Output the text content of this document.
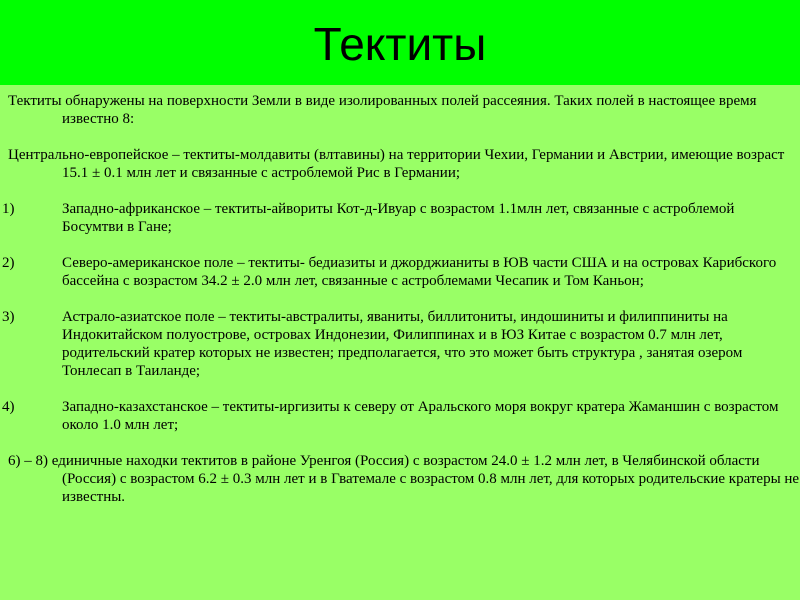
Тектиты

Тектиты обнаружены на поверхности Земли в виде изолированных полей рассеяния. Таких полей в настоящее время известно 8:

Центрально-европейское – тектиты-молдавиты (влтавины) на территории Чехии, Германии и Австрии, имеющие возраст 15.1 ± 0.1 млн лет и связанные с астроблемой Рис в Германии;

1)	Западно-африканское – тектиты-айвориты Кот-д-Ивуар с возрастом 1.1млн лет, связанные с астроблемой Босумтви в Гане;
2)	Северо-американское поле – тектиты- бедиазиты и джорджианиты в ЮВ части США и на островах Карибского бассейна с возрастом 34.2 ± 2.0 млн лет, связанные с астроблемами Чесапик и Том Каньон;
3)	Астрало-азиатское поле – тектиты-австралиты, яваниты, биллитониты, индошиниты и филиппиниты на Индокитайском полуострове, островах Индонезии, Филиппинах и в ЮЗ Китае с возрастом 0.7 млн лет, родительский кратер которых не известен; предполагается, что это может быть структура , занятая озером Тонлесап в Таиланде;
4)	Западно-казахстанское – тектиты-иргизиты к северу от Аральского моря вокруг кратера Жаманшин с возрастом около 1.0 млн лет;

6) – 8) единичные находки тектитов в районе Уренгоя (Россия) с возрастом 24.0 ± 1.2 млн лет, в Челябинской области (Россия) с возрастом 6.2 ± 0.3 млн лет и в Гватемале с возрастом 0.8 млн лет, для которых родительские кратеры не известны.
